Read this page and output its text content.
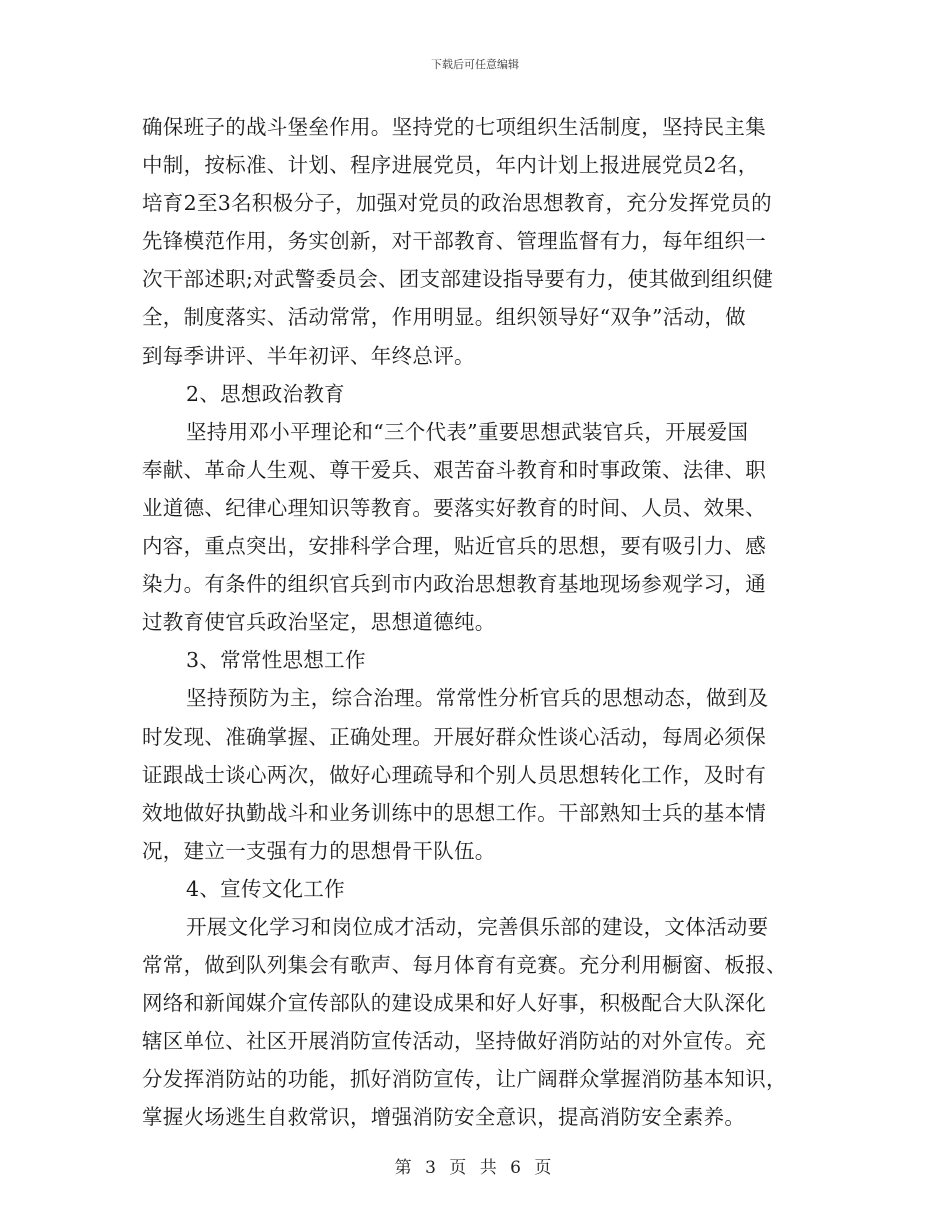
下载后可任意编辑
确保班子的战斗堡垒作用。坚持党的七项组织生活制度，坚持民主集
中制，按标准、计划、程序进展党员，年内计划上报进展党员2名，
培育2至3名积极分子，加强对党员的政治思想教育，充分发挥党员的
先锋模范作用，务实创新，对干部教育、管理监督有力，每年组织一
次干部述职;对武警委员会、团支部建设指导要有力，使其做到组织健
全，制度落实、活动常常，作用明显。组织领导好“双争”活动，做
到每季讲评、半年初评、年终总评。
2、思想政治教育
坚持用邓小平理论和“三个代表”重要思想武装官兵，开展爱国
奉献、革命人生观、尊干爱兵、艰苦奋斗教育和时事政策、法律、职
业道德、纪律心理知识等教育。要落实好教育的时间、人员、效果、
内容，重点突出，安排科学合理，贴近官兵的思想，要有吸引力、感
染力。有条件的组织官兵到市内政治思想教育基地现场参观学习，通
过教育使官兵政治坚定，思想道德纯。
3、常常性思想工作
坚持预防为主，综合治理。常常性分析官兵的思想动态，做到及
时发现、准确掌握、正确处理。开展好群众性谈心活动，每周必须保
证跟战士谈心两次，做好心理疏导和个别人员思想转化工作，及时有
效地做好执勤战斗和业务训练中的思想工作。干部熟知士兵的基本情
况，建立一支强有力的思想骨干队伍。
4、宣传文化工作
开展文化学习和岗位成才活动，完善俱乐部的建设，文体活动要
常常，做到队列集会有歌声、每月体育有竞赛。充分利用橱窗、板报、
网络和新闻媒介宣传部队的建设成果和好人好事，积极配合大队深化
辖区单位、社区开展消防宣传活动，坚持做好消防站的对外宣传。充
分发挥消防站的功能，抓好消防宣传，让广阔群众掌握消防基本知识，
掌握火场逃生自救常识，增强消防安全意识，提高消防安全素养。
第 3 页 共 6 页
